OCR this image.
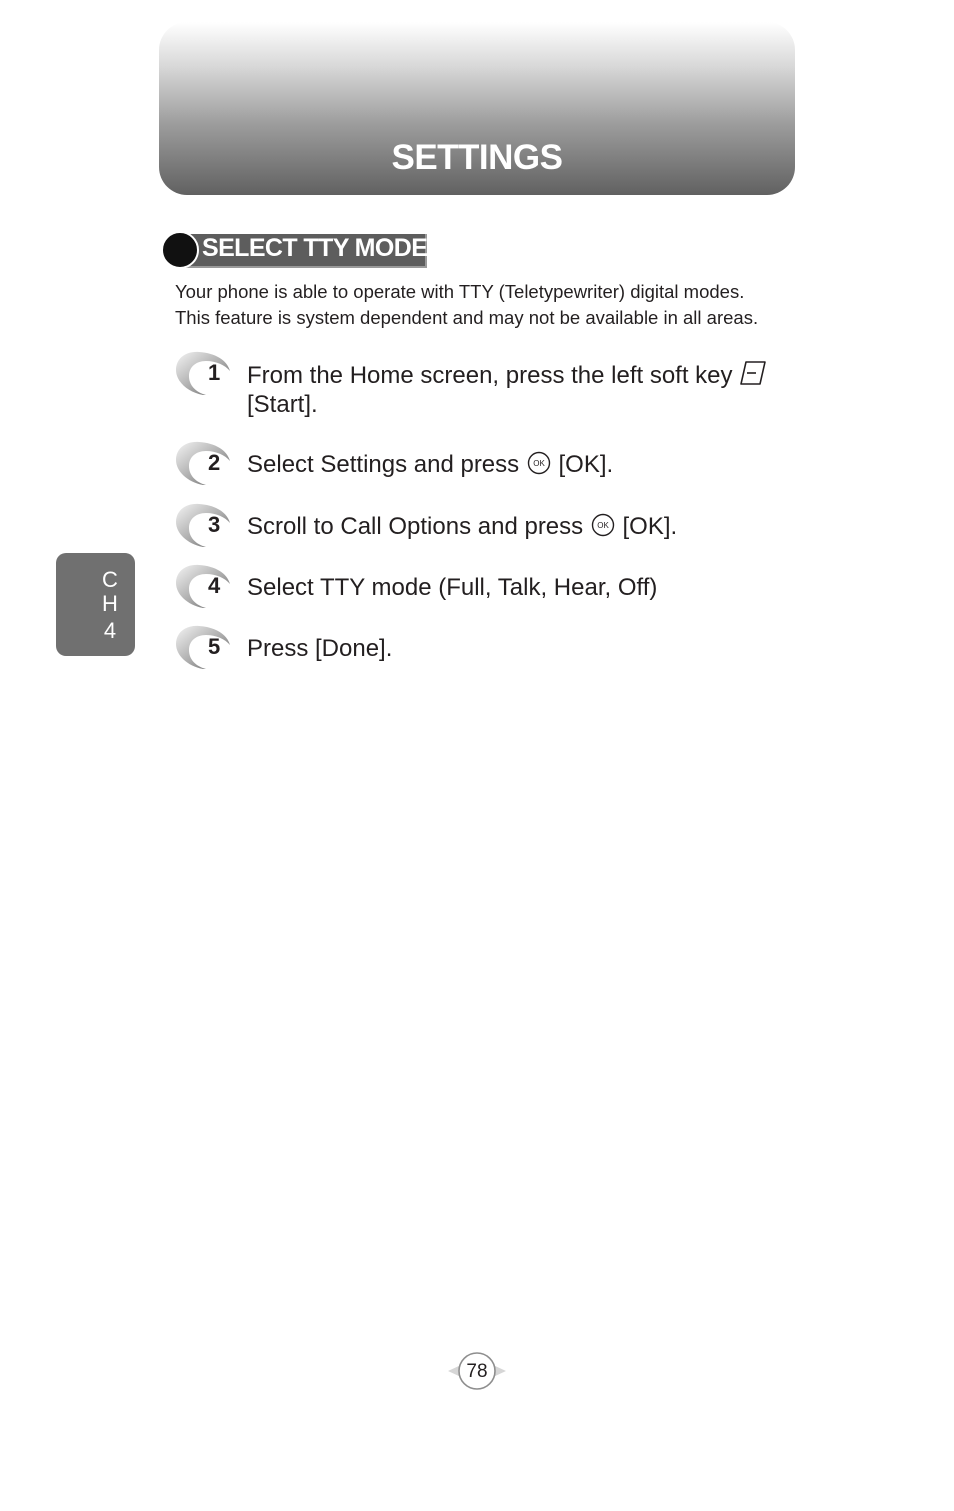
SETTINGS
SELECT TTY MODE
Your phone is able to operate with TTY (Teletypewriter) digital modes.
This feature is system dependent and may not be available in all areas.
1 From the Home screen, press the left soft key
[Start].
2 Select Settings and press OK [OK].
3 Scroll to Call Options and press OK [OK].
4 Select TTY mode (Full, Talk, Hear, Off)
5 Press [Done].
C
H
4
78
